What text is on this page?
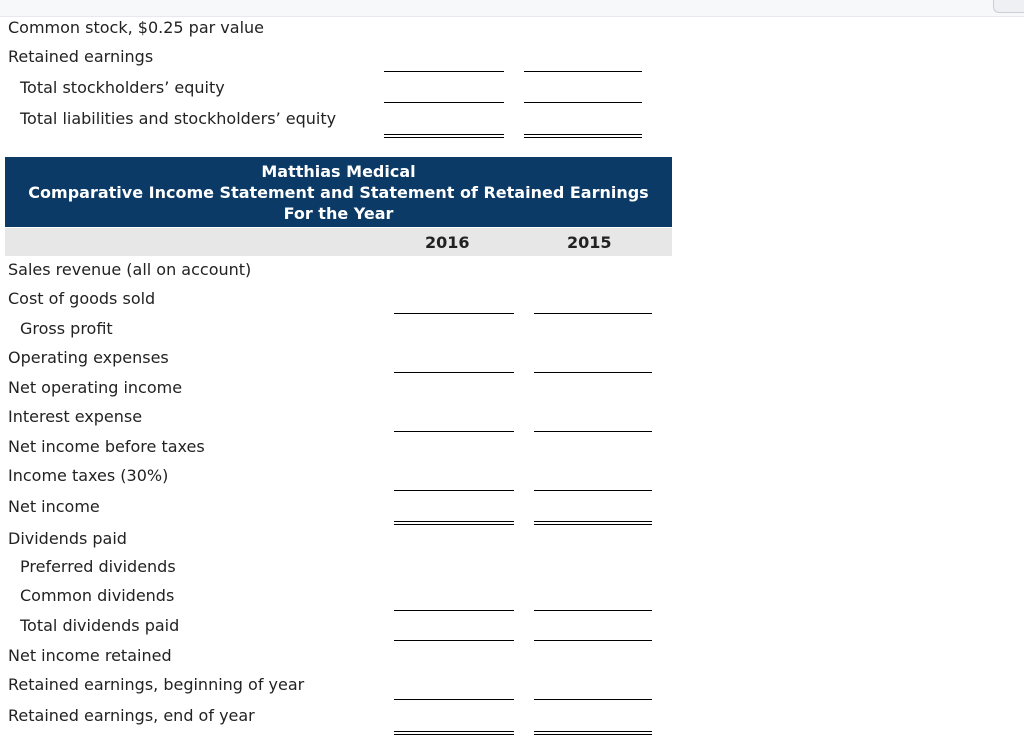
Common stock, $0.25 par value
Retained earnings
Total stockholders’ equity
Total liabilities and stockholders’ equity
Matthias Medical
Comparative Income Statement and Statement of Retained Earnings
For the Year
2016	2015
Sales revenue (all on account)
Cost of goods sold
Gross profit
Operating expenses
Net operating income
Interest expense
Net income before taxes
Income taxes (30%)
Net income
Dividends paid
Preferred dividends
Common dividends
Total dividends paid
Net income retained
Retained earnings, beginning of year
Retained earnings, end of year
